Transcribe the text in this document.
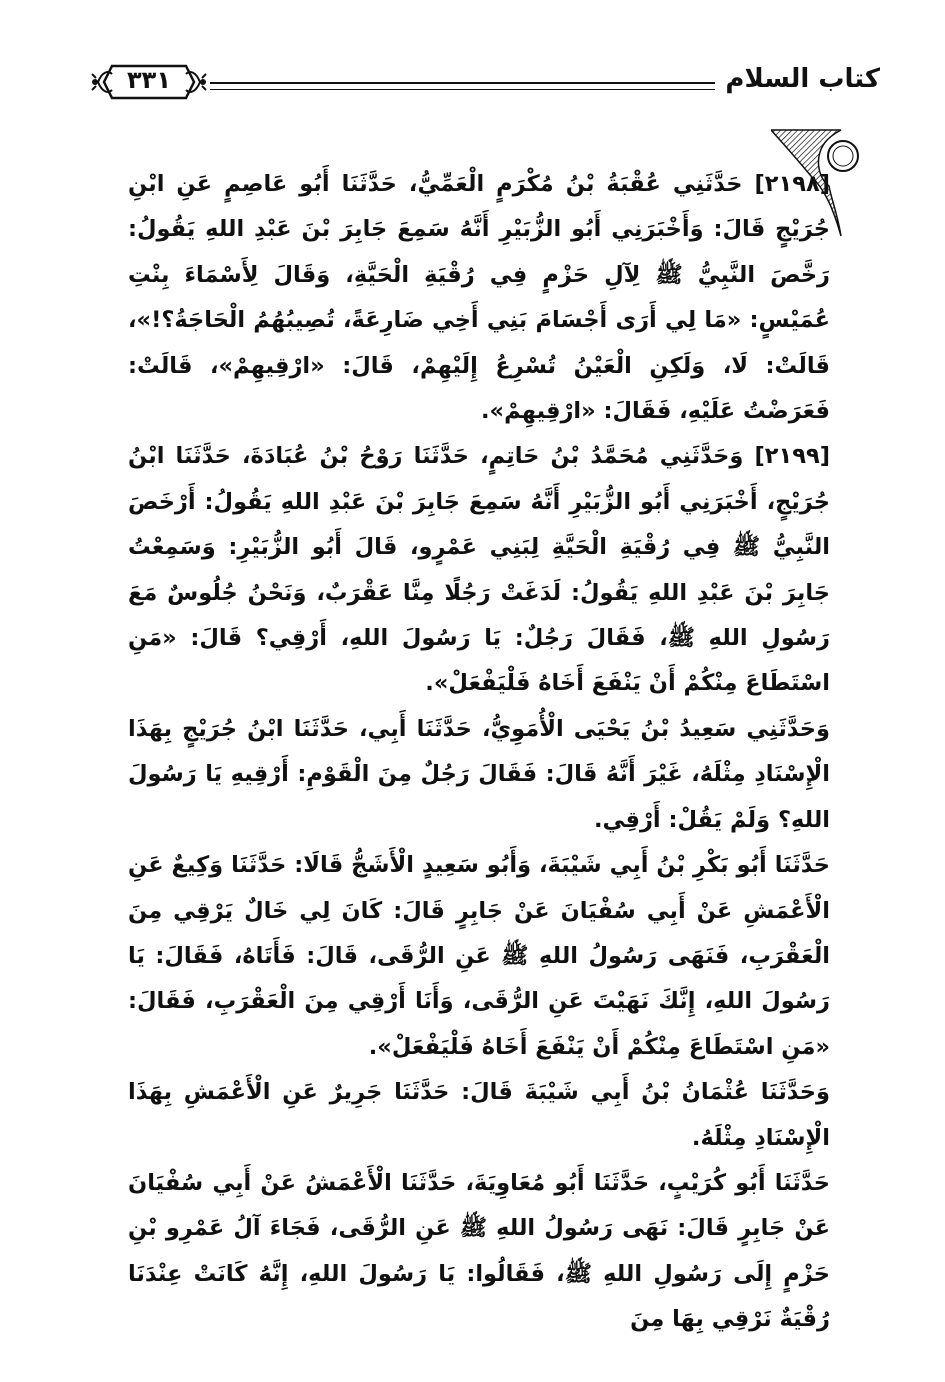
٣٣١	كتاب السلام

[٢١٩٨] حَدَّثَنِي عُقْبَةُ بْنُ مُكْرَمٍ الْعَمِّيُّ، حَدَّثَنَا أَبُو عَاصِمٍ عَنِ ابْنِ جُرَيْجٍ قَالَ: وَأَخْبَرَنِي أَبُو الزُّبَيْرِ أَنَّهُ سَمِعَ جَابِرَ بْنَ عَبْدِ اللهِ يَقُولُ: رَخَّصَ النَّبِيُّ ﷺ لِآلِ حَزْمٍ فِي رُقْيَةِ الْحَيَّةِ، وَقَالَ لِأَسْمَاءَ بِنْتِ عُمَيْسٍ: «مَا لِي أَرَى أَجْسَامَ بَنِي أَخِي ضَارِعَةً، تُصِيبُهُمُ الْحَاجَةُ؟!»، قَالَتْ: لَا، وَلَكِنِ الْعَيْنُ تُسْرِعُ إِلَيْهِمْ، قَالَ: «ارْقِيهِمْ»، قَالَتْ: فَعَرَضْتُ عَلَيْهِ، فَقَالَ: «ارْقِيهِمْ».

[٢١٩٩] وَحَدَّثَنِي مُحَمَّدُ بْنُ حَاتِمٍ، حَدَّثَنَا رَوْحُ بْنُ عُبَادَةَ، حَدَّثَنَا ابْنُ جُرَيْجٍ، أَخْبَرَنِي أَبُو الزُّبَيْرِ أَنَّهُ سَمِعَ جَابِرَ بْنَ عَبْدِ اللهِ يَقُولُ: أَرْخَصَ النَّبِيُّ ﷺ فِي رُقْيَةِ الْحَيَّةِ لِبَنِي عَمْرٍو، قَالَ أَبُو الزُّبَيْرِ: وَسَمِعْتُ جَابِرَ بْنَ عَبْدِ اللهِ يَقُولُ: لَدَغَتْ رَجُلًا مِنَّا عَقْرَبٌ، وَنَحْنُ جُلُوسٌ مَعَ رَسُولِ اللهِ ﷺ، فَقَالَ رَجُلٌ: يَا رَسُولَ اللهِ، أَرْقِي؟ قَالَ: «مَنِ اسْتَطَاعَ مِنْكُمْ أَنْ يَنْفَعَ أَخَاهُ فَلْيَفْعَلْ».

وَحَدَّثَنِي سَعِيدُ بْنُ يَحْيَى الْأُمَوِيُّ، حَدَّثَنَا أَبِي، حَدَّثَنَا ابْنُ جُرَيْجٍ بِهَذَا الْإِسْنَادِ مِثْلَهُ، غَيْرَ أَنَّهُ قَالَ: فَقَالَ رَجُلٌ مِنَ الْقَوْمِ: أَرْقِيهِ يَا رَسُولَ اللهِ؟ وَلَمْ يَقُلْ: أَرْقِي.

حَدَّثَنَا أَبُو بَكْرِ بْنُ أَبِي شَيْبَةَ، وَأَبُو سَعِيدٍ الْأَشَجُّ قَالَا: حَدَّثَنَا وَكِيعٌ عَنِ الْأَعْمَشِ عَنْ أَبِي سُفْيَانَ عَنْ جَابِرٍ قَالَ: كَانَ لِي خَالٌ يَرْقِي مِنَ الْعَقْرَبِ، فَنَهَى رَسُولُ اللهِ ﷺ عَنِ الرُّقَى، قَالَ: فَأَتَاهُ، فَقَالَ: يَا رَسُولَ اللهِ، إِنَّكَ نَهَيْتَ عَنِ الرُّقَى، وَأَنَا أَرْقِي مِنَ الْعَقْرَبِ، فَقَالَ: «مَنِ اسْتَطَاعَ مِنْكُمْ أَنْ يَنْفَعَ أَخَاهُ فَلْيَفْعَلْ».

وَحَدَّثَنَا عُثْمَانُ بْنُ أَبِي شَيْبَةَ قَالَ: حَدَّثَنَا جَرِيرٌ عَنِ الْأَعْمَشِ بِهَذَا الْإِسْنَادِ مِثْلَهُ.

حَدَّثَنَا أَبُو كُرَيْبٍ، حَدَّثَنَا أَبُو مُعَاوِيَةَ، حَدَّثَنَا الْأَعْمَشُ عَنْ أَبِي سُفْيَانَ عَنْ جَابِرٍ قَالَ: نَهَى رَسُولُ اللهِ ﷺ عَنِ الرُّقَى، فَجَاءَ آلُ عَمْرِو بْنِ حَزْمٍ إِلَى رَسُولِ اللهِ ﷺ، فَقَالُوا: يَا رَسُولَ اللهِ، إِنَّهُ كَانَتْ عِنْدَنَا رُقْيَةٌ نَرْقِي بِهَا مِنَ
